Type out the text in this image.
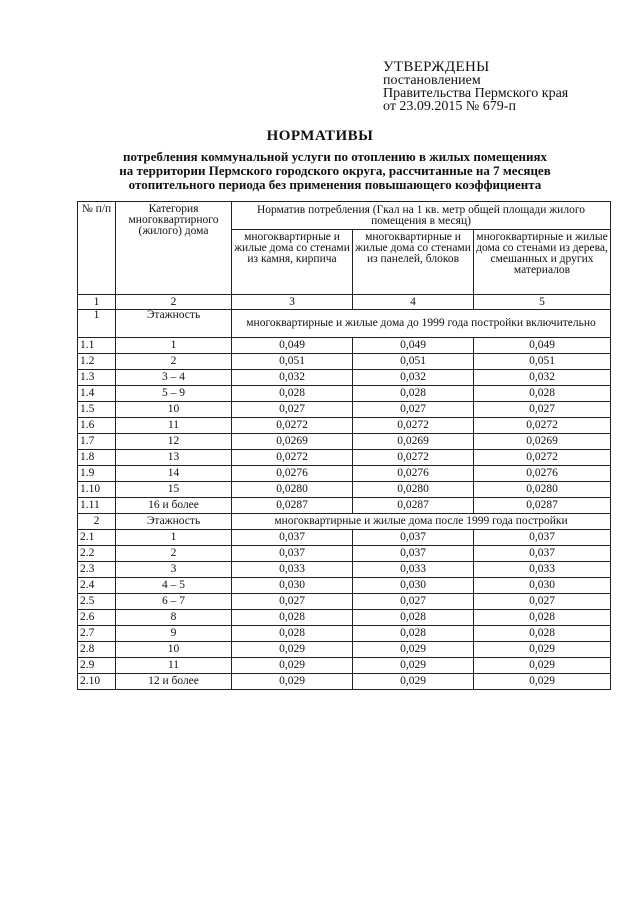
УТВЕРЖДЕНЫ
постановлением
Правительства Пермского края
от 23.09.2015 № 679-п
НОРМАТИВЫ
потребления коммунальной услуги по отоплению в жилых помещениях
на территории Пермского городского округа, рассчитанные на 7 месяцев
отопительного периода без применения повышающего коэффициента
№ п/п	Категория многоквартирного (жилого) дома	Норматив потребления (Гкал на 1 кв. метр общей площади жилого помещения в месяц)		
		многоквартирные и жилые дома со стенами из камня, кирпича	многоквартирные и жилые дома со стенами из панелей, блоков	многоквартирные и жилые дома со стенами из дерева, смешанных и других материалов
1	2	3	4	5
1	Этажность	многоквартирные и жилые дома до 1999 года постройки включительно		
1.1	1	0,049	0,049	0,049
1.2	2	0,051	0,051	0,051
1.3	3 – 4	0,032	0,032	0,032
1.4	5 – 9	0,028	0,028	0,028
1.5	10	0,027	0,027	0,027
1.6	11	0,0272	0,0272	0,0272
1.7	12	0,0269	0,0269	0,0269
1.8	13	0,0272	0,0272	0,0272
1.9	14	0,0276	0,0276	0,0276
1.10	15	0,0280	0,0280	0,0280
1.11	16 и более	0,0287	0,0287	0,0287
2	Этажность	многоквартирные и жилые дома после 1999 года постройки		
2.1	1	0,037	0,037	0,037
2.2	2	0,037	0,037	0,037
2.3	3	0,033	0,033	0,033
2.4	4 – 5	0,030	0,030	0,030
2.5	6 – 7	0,027	0,027	0,027
2.6	8	0,028	0,028	0,028
2.7	9	0,028	0,028	0,028
2.8	10	0,029	0,029	0,029
2.9	11	0,029	0,029	0,029
2.10	12 и более	0,029	0,029	0,029
